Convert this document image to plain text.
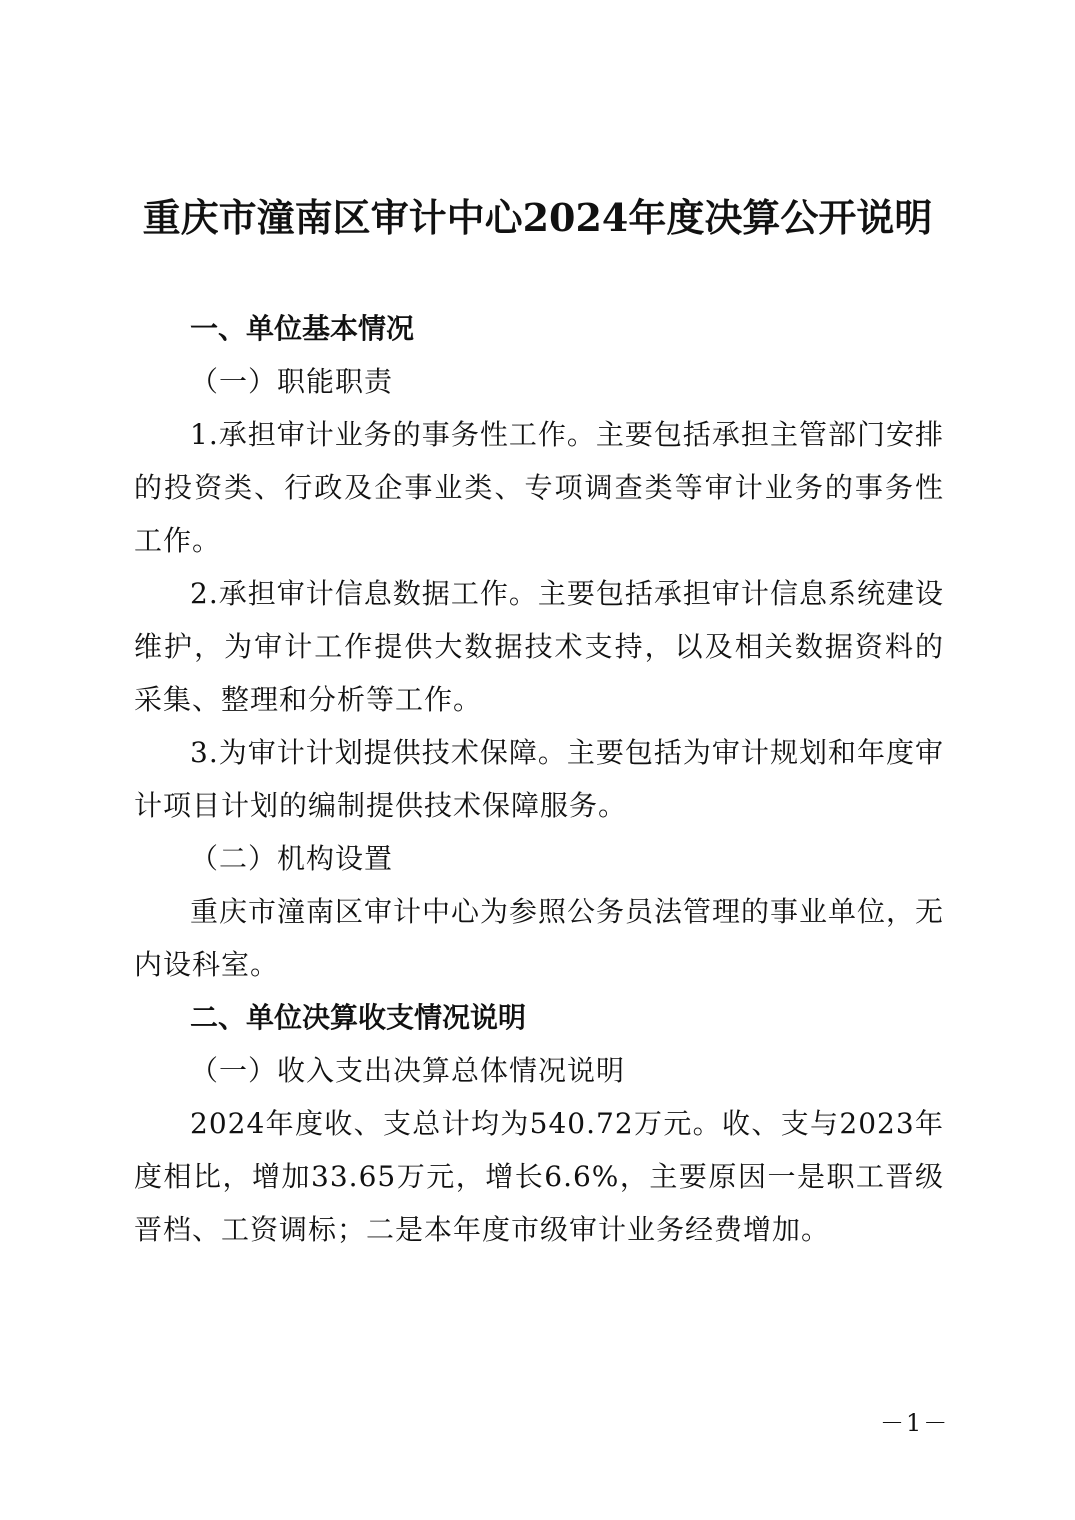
重庆市潼南区审计中心2024年度决算公开说明

一、单位基本情况

（一）职能职责

1.承担审计业务的事务性工作。主要包括承担主管部门安排的投资类、行政及企事业类、专项调查类等审计业务的事务性工作。

2.承担审计信息数据工作。主要包括承担审计信息系统建设维护，为审计工作提供大数据技术支持，以及相关数据资料的采集、整理和分析等工作。

3.为审计计划提供技术保障。主要包括为审计规划和年度审计项目计划的编制提供技术保障服务。

（二）机构设置

重庆市潼南区审计中心为参照公务员法管理的事业单位，无内设科室。

二、单位决算收支情况说明

（一）收入支出决算总体情况说明

2024年度收、支总计均为540.72万元。收、支与2023年度相比，增加33.65万元，增长6.6%，主要原因一是职工晋级晋档、工资调标；二是本年度市级审计业务经费增加。

－1－
